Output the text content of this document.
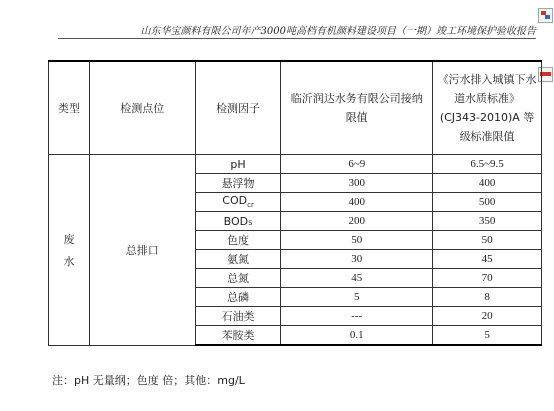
山东华宝颜料有限公司年产3000吨高档有机颜料建设项目（一期）竣工环境保护验收报告
类型	检测点位	检测因子	临沂润达水务有限公司接纳限值	《污水排入城镇下水道水质标准》(CJ343-2010)A 等级标准限值

废
水	总排口	pH	6~9	6.5~9.5
		悬浮物	300	400
		$COD_{cr}$	400	500
		BOD₅	200	350
		色度	50	50
		氨氮	30	45
		总氮	45	70
		总磷	5	8
		石油类	---	20
		苯胺类	0.1	5
注：pH 无量纲；色度 倍；其他：mg/L
